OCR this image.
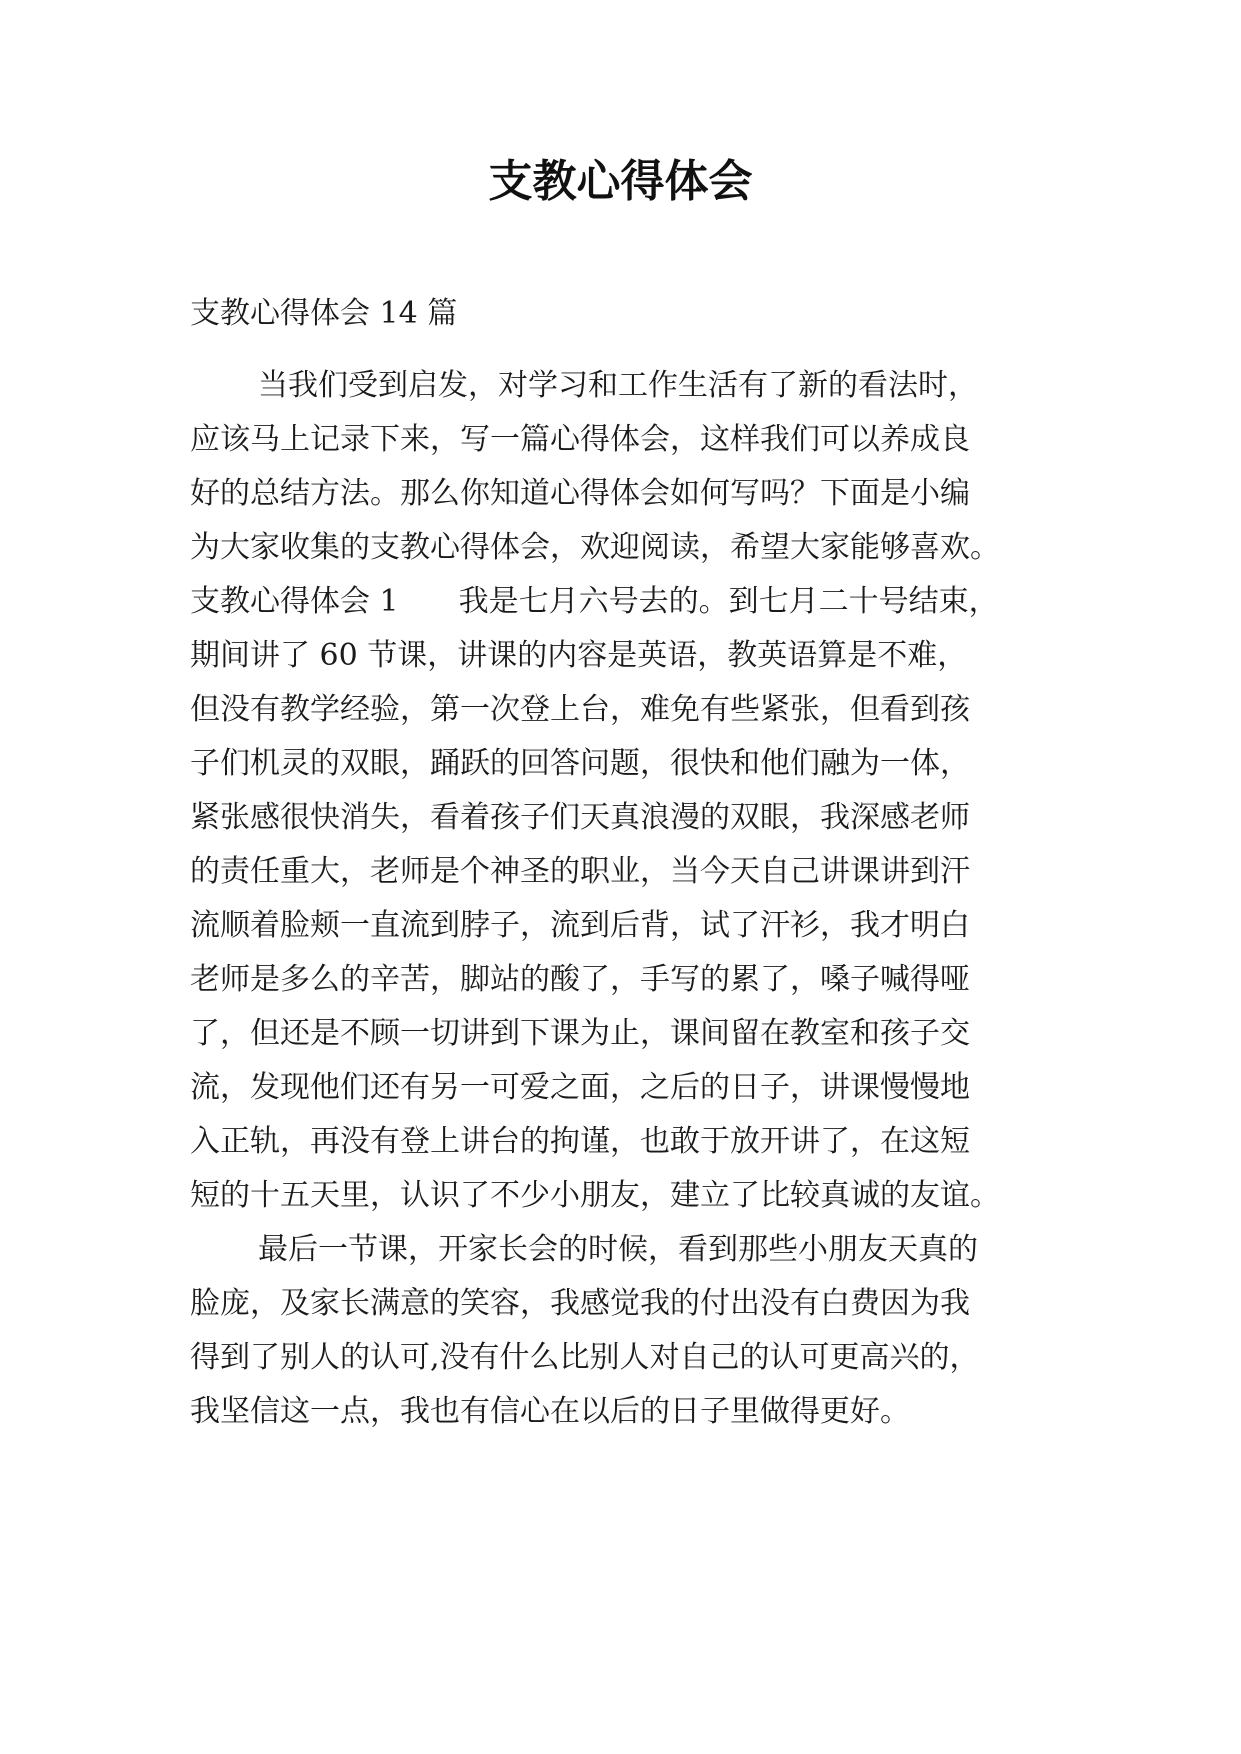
支教心得体会

支教心得体会 14 篇

当我们受到启发，对学习和工作生活有了新的看法时，

应该马上记录下来，写一篇心得体会，这样我们可以养成良

好的总结方法。那么你知道心得体会如何写吗？下面是小编

为大家收集的支教心得体会，欢迎阅读，希望大家能够喜欢。

支教心得体会 1　　我是七月六号去的。到七月二十号结束，

期间讲了 60 节课，讲课的内容是英语，教英语算是不难，

但没有教学经验，第一次登上台，难免有些紧张，但看到孩

子们机灵的双眼，踊跃的回答问题，很快和他们融为一体，

紧张感很快消失，看着孩子们天真浪漫的双眼，我深感老师

的责任重大，老师是个神圣的职业，当今天自己讲课讲到汗

流顺着脸颊一直流到脖子，流到后背，试了汗衫，我才明白

老师是多么的辛苦，脚站的酸了，手写的累了，嗓子喊得哑

了，但还是不顾一切讲到下课为止，课间留在教室和孩子交

流，发现他们还有另一可爱之面，之后的日子，讲课慢慢地

入正轨，再没有登上讲台的拘谨，也敢于放开讲了，在这短

短的十五天里，认识了不少小朋友，建立了比较真诚的友谊。

最后一节课，开家长会的时候，看到那些小朋友天真的

脸庞，及家长满意的笑容，我感觉我的付出没有白费因为我

得到了别人的认可,没有什么比别人对自己的认可更高兴的，

我坚信这一点，我也有信心在以后的日子里做得更好。
